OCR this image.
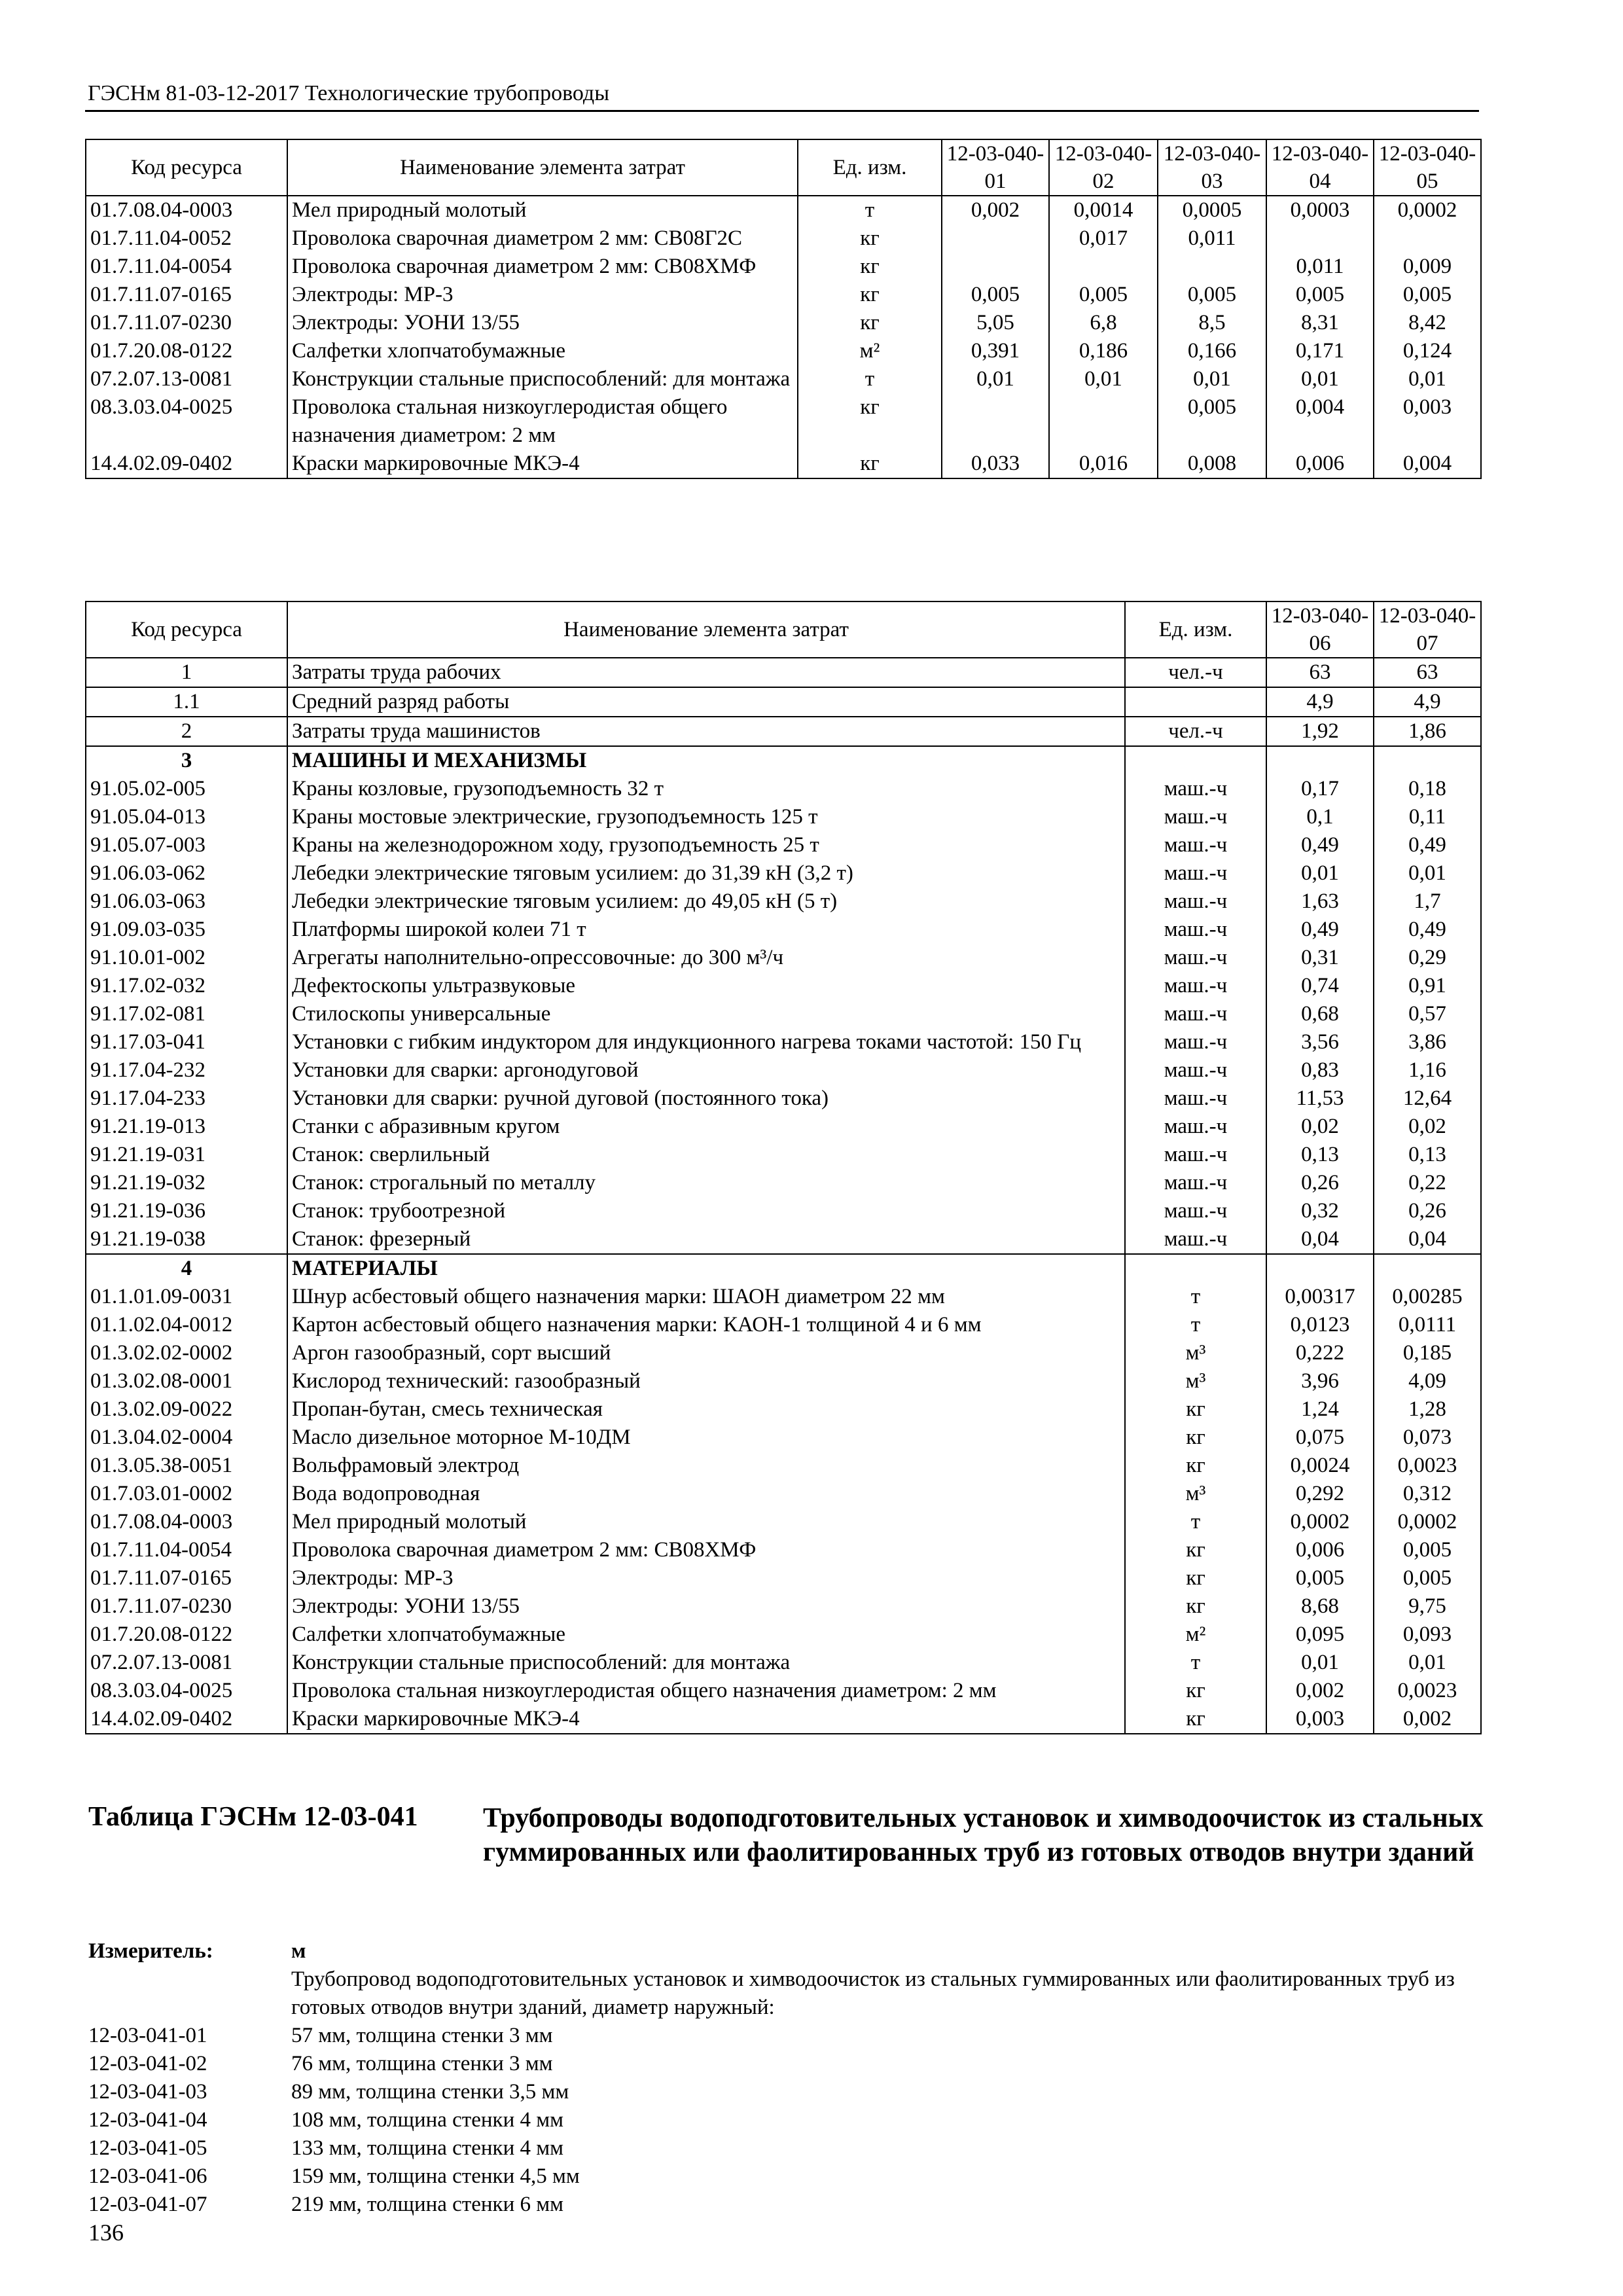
ГЭСНм 81-03-12-2017 Технологические трубопроводы
Код ресурса	Наименование элемента затрат	Ед. изм.	12-03-040-01	12-03-040-02	12-03-040-03	12-03-040-04	12-03-040-05
01.7.08.04-0003	Мел природный молотый	т	0,002	0,0014	0,0005	0,0003	0,0002
01.7.11.04-0052	Проволока сварочная диаметром 2 мм: СВ08Г2С	кг		0,017	0,011		
01.7.11.04-0054	Проволока сварочная диаметром 2 мм: СВ08ХМФ	кг				0,011	0,009
01.7.11.07-0165	Электроды: МР-3	кг	0,005	0,005	0,005	0,005	0,005
01.7.11.07-0230	Электроды: УОНИ 13/55	кг	5,05	6,8	8,5	8,31	8,42
01.7.20.08-0122	Салфетки хлопчатобумажные	м²	0,391	0,186	0,166	0,171	0,124
07.2.07.13-0081	Конструкции стальные приспособлений: для монтажа	т	0,01	0,01	0,01	0,01	0,01
08.3.03.04-0025	Проволока стальная низкоуглеродистая общего назначения диаметром: 2 мм	кг			0,005	0,004	0,003
14.4.02.09-0402	Краски маркировочные МКЭ-4	кг	0,033	0,016	0,008	0,006	0,004
Код ресурса	Наименование элемента затрат	Ед. изм.	12-03-040-06	12-03-040-07
1	Затраты труда рабочих	чел.-ч	63	63
1.1	Средний разряд работы		4,9	4,9
2	Затраты труда машинистов	чел.-ч	1,92	1,86
3	МАШИНЫ И МЕХАНИЗМЫ			
91.05.02-005	Краны козловые, грузоподъемность 32 т	маш.-ч	0,17	0,18
91.05.04-013	Краны мостовые электрические, грузоподъемность 125 т	маш.-ч	0,1	0,11
91.05.07-003	Краны на железнодорожном ходу, грузоподъемность 25 т	маш.-ч	0,49	0,49
91.06.03-062	Лебедки электрические тяговым усилием: до 31,39 кН (3,2 т)	маш.-ч	0,01	0,01
91.06.03-063	Лебедки электрические тяговым усилием: до 49,05 кН (5 т)	маш.-ч	1,63	1,7
91.09.03-035	Платформы широкой колеи 71 т	маш.-ч	0,49	0,49
91.10.01-002	Агрегаты наполнительно-опрессовочные: до 300 м³/ч	маш.-ч	0,31	0,29
91.17.02-032	Дефектоскопы ультразвуковые	маш.-ч	0,74	0,91
91.17.02-081	Стилоскопы универсальные	маш.-ч	0,68	0,57
91.17.03-041	Установки с гибким индуктором для индукционного нагрева токами частотой: 150 Гц	маш.-ч	3,56	3,86
91.17.04-232	Установки для сварки: аргонодуговой	маш.-ч	0,83	1,16
91.17.04-233	Установки для сварки: ручной дуговой (постоянного тока)	маш.-ч	11,53	12,64
91.21.19-013	Станки с абразивным кругом	маш.-ч	0,02	0,02
91.21.19-031	Станок: сверлильный	маш.-ч	0,13	0,13
91.21.19-032	Станок: строгальный по металлу	маш.-ч	0,26	0,22
91.21.19-036	Станок: трубоотрезной	маш.-ч	0,32	0,26
91.21.19-038	Станок: фрезерный	маш.-ч	0,04	0,04
4	МАТЕРИАЛЫ			
01.1.01.09-0031	Шнур асбестовый общего назначения марки: ШАОН диаметром 22 мм	т	0,00317	0,00285
01.1.02.04-0012	Картон асбестовый общего назначения марки: КАОН-1 толщиной 4 и 6 мм	т	0,0123	0,0111
01.3.02.02-0002	Аргон газообразный, сорт высший	м³	0,222	0,185
01.3.02.08-0001	Кислород технический: газообразный	м³	3,96	4,09
01.3.02.09-0022	Пропан-бутан, смесь техническая	кг	1,24	1,28
01.3.04.02-0004	Масло дизельное моторное М-10ДМ	кг	0,075	0,073
01.3.05.38-0051	Вольфрамовый электрод	кг	0,0024	0,0023
01.7.03.01-0002	Вода водопроводная	м³	0,292	0,312
01.7.08.04-0003	Мел природный молотый	т	0,0002	0,0002
01.7.11.04-0054	Проволока сварочная диаметром 2 мм: СВ08ХМФ	кг	0,006	0,005
01.7.11.07-0165	Электроды: МР-3	кг	0,005	0,005
01.7.11.07-0230	Электроды: УОНИ 13/55	кг	8,68	9,75
01.7.20.08-0122	Салфетки хлопчатобумажные	м²	0,095	0,093
07.2.07.13-0081	Конструкции стальные приспособлений: для монтажа	т	0,01	0,01
08.3.03.04-0025	Проволока стальная низкоуглеродистая общего назначения диаметром: 2 мм	кг	0,002	0,0023
14.4.02.09-0402	Краски маркировочные МКЭ-4	кг	0,003	0,002
Таблица ГЭСНм 12-03-041 Трубопроводы водоподготовительных установок и химводоочисток из стальных гуммированных или фаолитированных труб из готовых отводов внутри зданий
Измеритель:	м
Трубопровод водоподготовительных установок и химводоочисток из стальных гуммированных или фаолитированных труб из готовых отводов внутри зданий, диаметр наружный:
12-03-041-01	57 мм, толщина стенки 3 мм
12-03-041-02	76 мм, толщина стенки 3 мм
12-03-041-03	89 мм, толщина стенки 3,5 мм
12-03-041-04	108 мм, толщина стенки 4 мм
12-03-041-05	133 мм, толщина стенки 4 мм
12-03-041-06	159 мм, толщина стенки 4,5 мм
12-03-041-07	219 мм, толщина стенки 6 мм
136
